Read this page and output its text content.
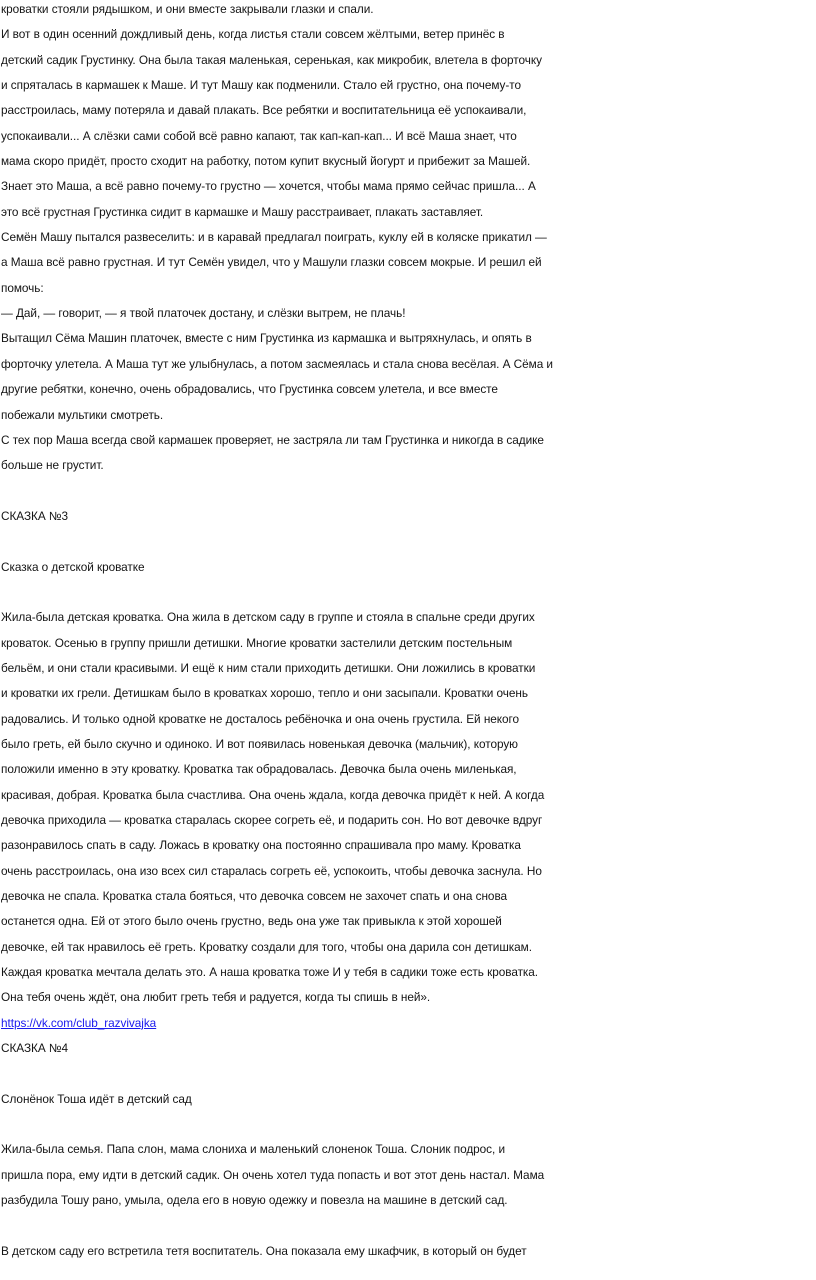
кроватки стояли рядышком, и они вместе закрывали глазки и спали.
И вот в один осенний дождливый день, когда листья стали совсем жёлтыми, ветер принёс в
детский садик Грустинку. Она была такая маленькая, серенькая, как микробик, влетела в форточку
и спряталась в кармашек к Маше. И тут Машу как подменили. Стало ей грустно, она почему-то
расстроилась, маму потеряла и давай плакать. Все ребятки и воспитательница её успокаивали,
успокаивали... А слёзки сами собой всё равно капают, так кап-кап-кап... И всё Маша знает, что
мама скоро придёт, просто сходит на работку, потом купит вкусный йогурт и прибежит за Машей.
Знает это Маша, а всё равно почему-то грустно — хочется, чтобы мама прямо сейчас пришла... А
это всё грустная Грустинка сидит в кармашке и Машу расстраивает, плакать заставляет.
Семён Машу пытался развеселить: и в каравай предлагал поиграть, куклу ей в коляске прикатил —
а Маша всё равно грустная. И тут Семён увидел, что у Машули глазки совсем мокрые. И решил ей
помочь:
— Дай, — говорит, — я твой платочек достану, и слёзки вытрем, не плачь!
Вытащил Сёма Машин платочек, вместе с ним Грустинка из кармашка и вытряхнулась, и опять в
форточку улетела. А Маша тут же улыбнулась, а потом засмеялась и стала снова весёлая. А Сёма и
другие ребятки, конечно, очень обрадовались, что Грустинка совсем улетела, и все вместе
побежали мультики смотреть.
С тех пор Маша всегда свой кармашек проверяет, не застряла ли там Грустинка и никогда в садике
больше не грустит.
СКАЗКА №3
Сказка о детской кроватке
Жила-была детская кроватка. Она жила в детском саду в группе и стояла в спальне среди других
кроваток. Осенью в группу пришли детишки. Многие кроватки застелили детским постельным
бельём, и они стали красивыми. И ещё к ним стали приходить детишки. Они ложились в кроватки
и кроватки их грели. Детишкам было в кроватках хорошо, тепло и они засыпали. Кроватки очень
радовались. И только одной кроватке не досталось ребёночка и она очень грустила. Ей некого
было греть, ей было скучно и одиноко. И вот появилась новенькая девочка (мальчик), которую
положили именно в эту кроватку. Кроватка так обрадовалась. Девочка была очень миленькая,
красивая, добрая. Кроватка была счастлива. Она очень ждала, когда девочка придёт к ней. А когда
девочка приходила — кроватка старалась скорее согреть её, и подарить сон. Но вот девочке вдруг
разонравилось спать в саду. Ложась в кроватку она постоянно спрашивала про маму. Кроватка
очень расстроилась, она изо всех сил старалась согреть её, успокоить, чтобы девочка заснула. Но
девочка не спала. Кроватка стала бояться, что девочка совсем не захочет спать и она снова
останется одна. Ей от этого было очень грустно, ведь она уже так привыкла к этой хорошей
девочке, ей так нравилось её греть. Кроватку создали для того, чтобы она дарила сон детишкам.
Каждая кроватка мечтала делать это. А наша кроватка тоже И у тебя в садики тоже есть кроватка.
Она тебя очень ждёт, она любит греть тебя и радуется, когда ты спишь в ней».
https://vk.com/club_razvivajka
СКАЗКА №4
Слонёнок Тоша идёт в детский сад
Жила-была семья. Папа слон, мама слониха и маленький слоненок Тоша. Слоник подрос, и
пришла пора, ему идти в детский садик. Он очень хотел туда попасть и вот этот день настал. Мама
разбудила Тошу рано, умыла, одела его в новую одежку и повезла на машине в детский сад.
В детском саду его встретила тетя воспитатель. Она показала ему шкафчик, в который он будет
